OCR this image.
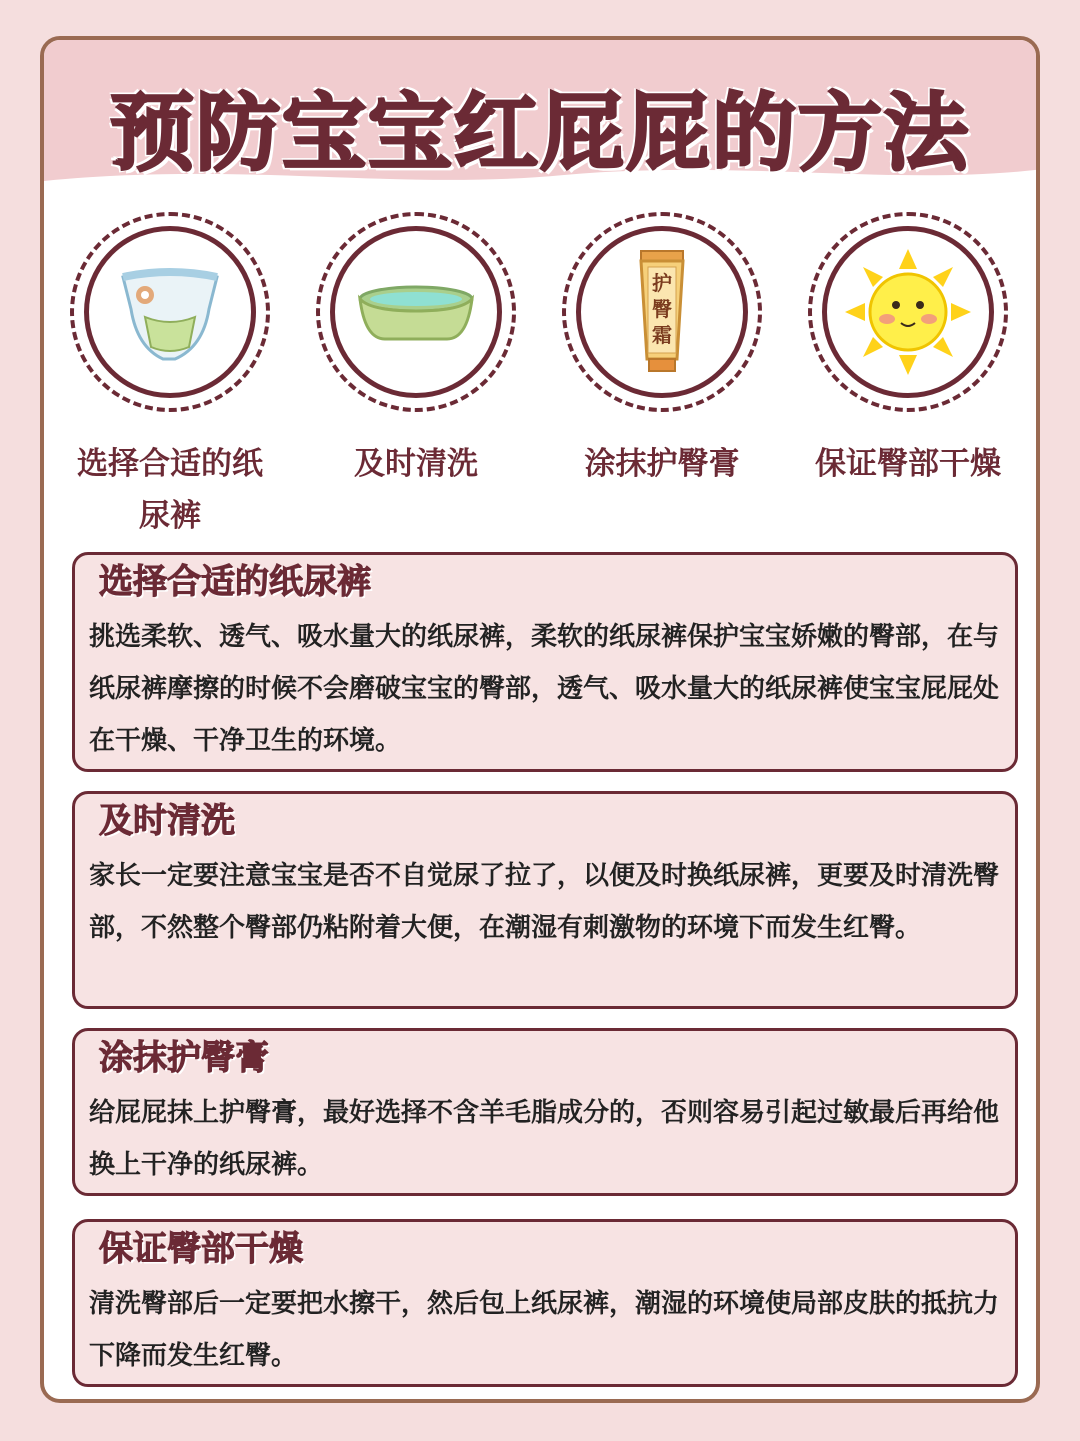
预防宝宝红屁屁的方法
选择合适的纸尿裤
及时清洗
护臀霜
涂抹护臀膏	保证臀部干燥
选择合适的纸尿裤
挑选柔软、透气、吸水量大的纸尿裤，柔软的纸尿裤保护宝宝娇嫩的臀部，在与纸尿裤摩擦的时候不会磨破宝宝的臀部，透气、吸水量大的纸尿裤使宝宝屁屁处在干燥、干净卫生的环境。
及时清洗
家长一定要注意宝宝是否不自觉尿了拉了，以便及时换纸尿裤，更要及时清洗臀部，不然整个臀部仍粘附着大便，在潮湿有刺激物的环境下而发生红臀。
涂抹护臀膏
给屁屁抹上护臀膏，最好选择不含羊毛脂成分的，否则容易引起过敏最后再给他换上干净的纸尿裤。
保证臀部干燥
清洗臀部后一定要把水擦干，然后包上纸尿裤，潮湿的环境使局部皮肤的抵抗力下降而发生红臀。
